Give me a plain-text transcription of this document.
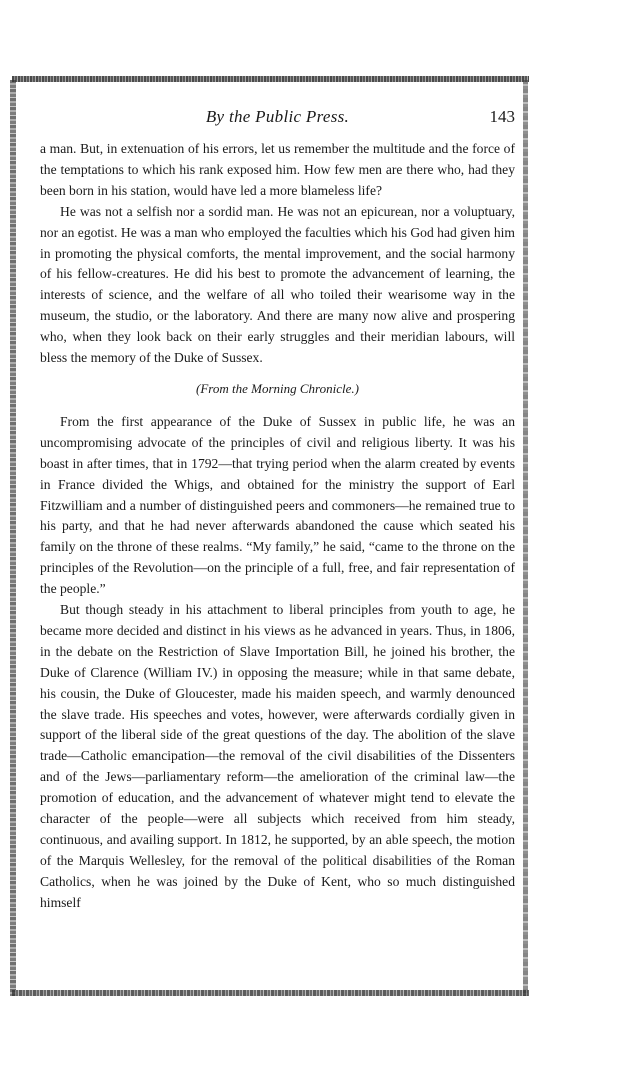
By the Public Press.	143

a man. But, in extenuation of his errors, let us remember the multitude and the force of the temptations to which his rank exposed him. How few men are there who, had they been born in his station, would have led a more blameless life?

He was not a selfish nor a sordid man. He was not an epicurean, nor a voluptuary, nor an egotist. He was a man who employed the faculties which his God had given him in promoting the physical comforts, the mental improvement, and the social harmony of his fellow-creatures. He did his best to promote the advancement of learning, the interests of science, and the welfare of all who toiled their wearisome way in the museum, the studio, or the laboratory. And there are many now alive and prospering who, when they look back on their early struggles and their meridian labours, will bless the memory of the Duke of Sussex.

(From the Morning Chronicle.)

From the first appearance of the Duke of Sussex in public life, he was an uncompromising advocate of the principles of civil and religious liberty. It was his boast in after times, that in 1792—that trying period when the alarm created by events in France divided the Whigs, and obtained for the ministry the support of Earl Fitzwilliam and a number of distinguished peers and commoners—he remained true to his party, and that he had never afterwards abandoned the cause which seated his family on the throne of these realms. “My family,” he said, “came to the throne on the principles of the Revolution—on the principle of a full, free, and fair representation of the people.”

But though steady in his attachment to liberal principles from youth to age, he became more decided and distinct in his views as he advanced in years. Thus, in 1806, in the debate on the Restriction of Slave Importation Bill, he joined his brother, the Duke of Clarence (William IV.) in opposing the measure; while in that same debate, his cousin, the Duke of Gloucester, made his maiden speech, and warmly denounced the slave trade. His speeches and votes, however, were afterwards cordially given in support of the liberal side of the great questions of the day. The abolition of the slave trade—Catholic emancipation—the removal of the civil disabilities of the Dissenters and of the Jews—parliamentary reform—the amelioration of the criminal law—the promotion of education, and the advancement of whatever might tend to elevate the character of the people—were all subjects which received from him steady, continuous, and availing support. In 1812, he supported, by an able speech, the motion of the Marquis Wellesley, for the removal of the political disabilities of the Roman Catholics, when he was joined by the Duke of Kent, who so much distinguished himself
